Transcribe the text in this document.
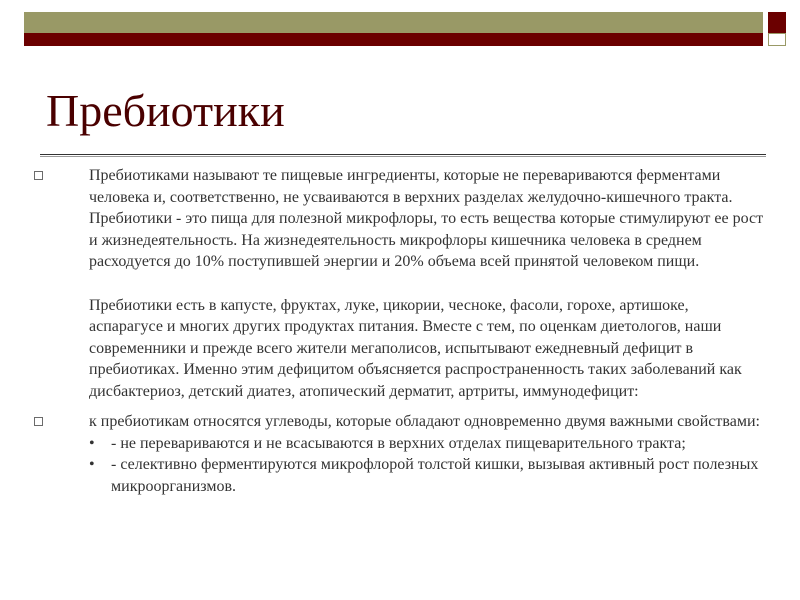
Пребиотики

Пребиотиками называют те пищевые ингредиенты, которые не перевариваются ферментами человека и, соответственно, не усваиваются в верхних разделах желудочно-кишечного тракта. Пребиотики - это пища для полезной микрофлоры, то есть вещества которые стимулируют ее рост и жизнедеятельность. На жизнедеятельность микрофлоры кишечника человека в среднем расходуется до 10% поступившей энергии и 20% объема всей принятой человеком пищи.

Пребиотики есть в капусте, фруктах, луке, цикории, чесноке, фасоли, горохе, артишоке, аспарагусе и многих других продуктах питания. Вместе с тем, по оценкам диетологов, наши современники и прежде всего жители мегаполисов, испытывают ежедневный дефицит в пребиотиках. Именно этим дефицитом объясняется распространенность таких заболеваний как дисбактериоз, детский диатез, атопический дерматит, артриты, иммунодефицит:

к пребиотикам относятся углеводы, которые обладают одновременно двумя важными свойствами:

• - не перевариваются и не всасываются в верхних отделах пищеварительного тракта;

• - селективно ферментируются микрофлорой толстой кишки, вызывая активный рост полезных микроорганизмов.
